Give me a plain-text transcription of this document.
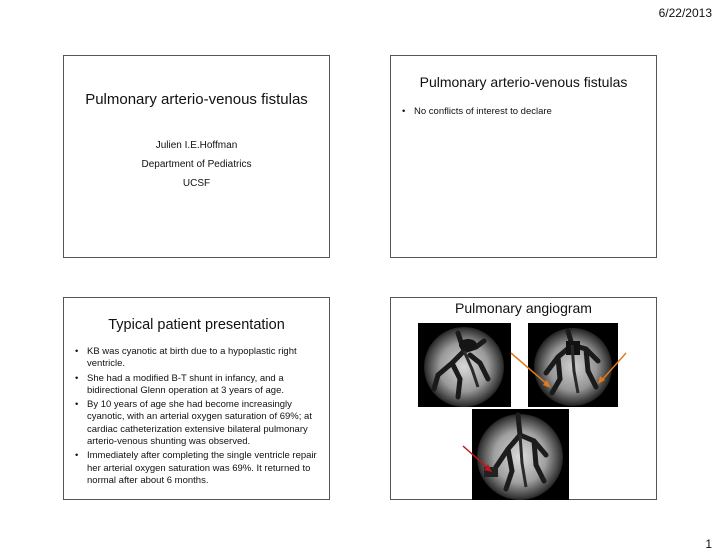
6/22/2013
Pulmonary arterio-venous fistulas
Julien I.E.Hoffman
Department of Pediatrics
UCSF
Pulmonary arterio-venous fistulas
• No conflicts of interest to declare
Typical patient presentation
• KB was cyanotic at birth due to a hypoplastic right ventricle.
• She had a modified B-T shunt in infancy, and a bidirectional Glenn operation at 3 years of age.
• By 10 years of age she had become increasingly cyanotic, with an arterial oxygen saturation of 69%; at cardiac catheterization extensive bilateral pulmonary arterio-venous shunting was observed.
• Immediately after completing the single ventricle repair her arterial oxygen saturation was 69%. It returned to normal after about 6 months.
Pulmonary angiogram
1
